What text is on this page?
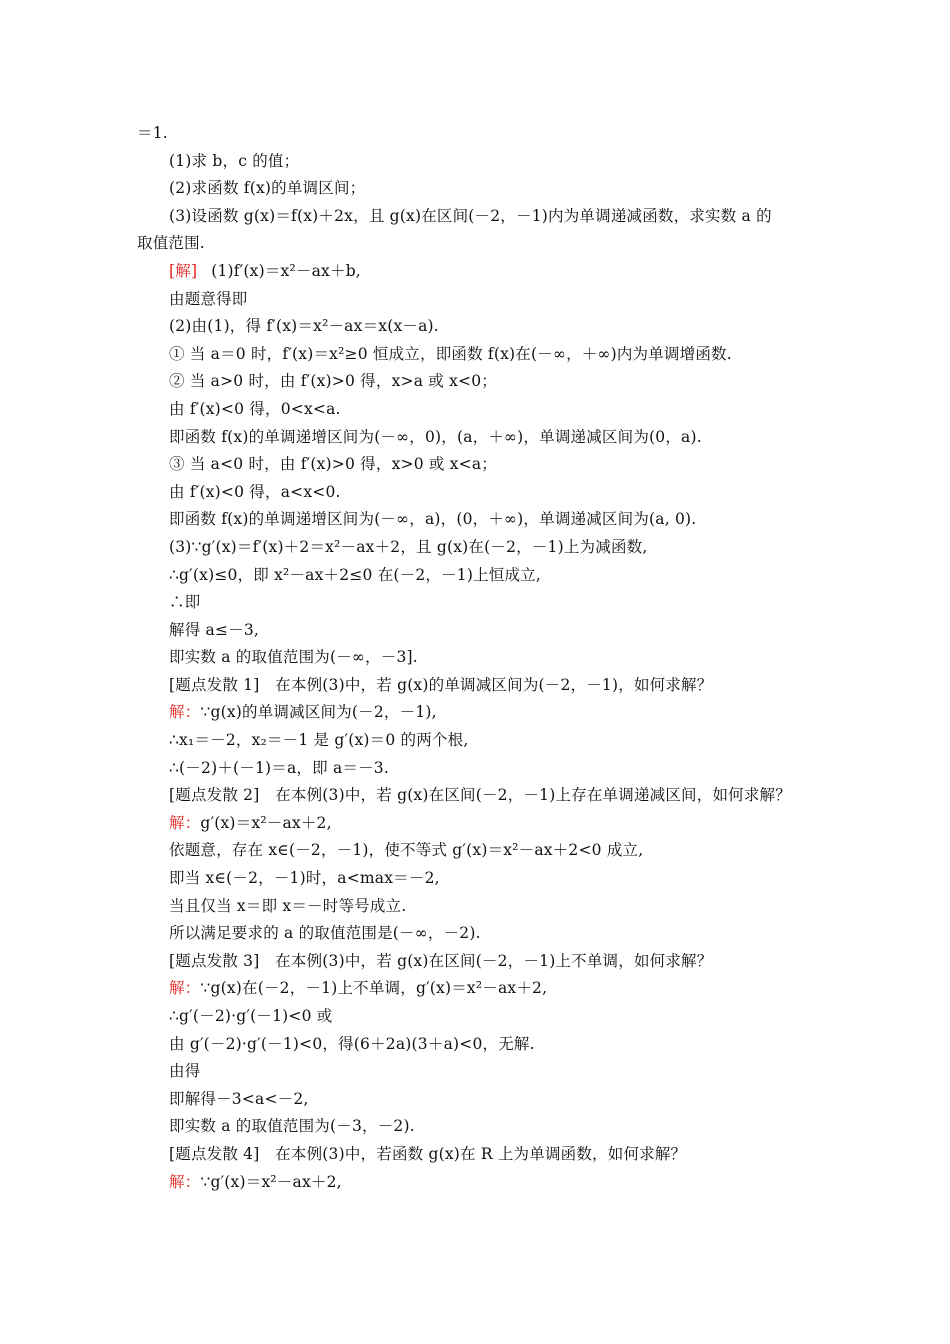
＝1.
(1)求 b，c 的值；
(2)求函数 f(x)的单调区间；
(3)设函数 g(x)＝f(x)＋2x，且 g(x)在区间(－2，－1)内为单调递减函数，求实数 a 的
取值范围.
[解] (1)f′(x)＝x²－ax＋b,
由题意得即
(2)由(1)，得 f′(x)＝x²－ax＝x(x－a).
① 当 a＝0 时，f′(x)＝x²≥0 恒成立，即函数 f(x)在(－∞，＋∞)内为单调增函数.
② 当 a>0 时，由 f′(x)>0 得，x>a 或 x<0；
由 f′(x)<0 得，0<x<a.
即函数 f(x)的单调递增区间为(－∞，0)，(a，＋∞)，单调递减区间为(0，a).
③ 当 a<0 时，由 f′(x)>0 得，x>0 或 x<a；
由 f′(x)<0 得，a<x<0.
即函数 f(x)的单调递增区间为(－∞，a)，(0，＋∞)，单调递减区间为(a, 0).
(3)∵g′(x)＝f′(x)＋2＝x²－ax＋2，且 g(x)在(－2，－1)上为减函数,
∴g′(x)≤0，即 x²－ax＋2≤0 在(－2，－1)上恒成立,
∴即
解得 a≤－3,
即实数 a 的取值范围为(－∞，－3].
[题点发散 1]　在本例(3)中，若 g(x)的单调减区间为(－2，－1)，如何求解？
解：∵g(x)的单调减区间为(－2，－1),
∴x₁＝－2，x₂＝－1 是 g′(x)＝0 的两个根,
∴(－2)＋(－1)＝a，即 a＝－3.
[题点发散 2]　在本例(3)中，若 g(x)在区间(－2，－1)上存在单调递减区间，如何求解？
解：g′(x)＝x²－ax＋2,
依题意，存在 x∈(－2，－1)，使不等式 g′(x)＝x²－ax＋2<0 成立,
即当 x∈(－2，－1)时，a<max＝－2,
当且仅当 x＝即 x＝－时等号成立.
所以满足要求的 a 的取值范围是(－∞，－2).
[题点发散 3]　在本例(3)中，若 g(x)在区间(－2，－1)上不单调，如何求解？
解：∵g(x)在(－2，－1)上不单调，g′(x)＝x²－ax＋2,
∴g′(－2)·g′(－1)<0 或
由 g′(－2)·g′(－1)<0，得(6＋2a)(3＋a)<0，无解.
由得
即解得－3<a<－2,
即实数 a 的取值范围为(－3，－2).
[题点发散 4]　在本例(3)中，若函数 g(x)在 R 上为单调函数，如何求解？
解：∵g′(x)＝x²－ax＋2,
